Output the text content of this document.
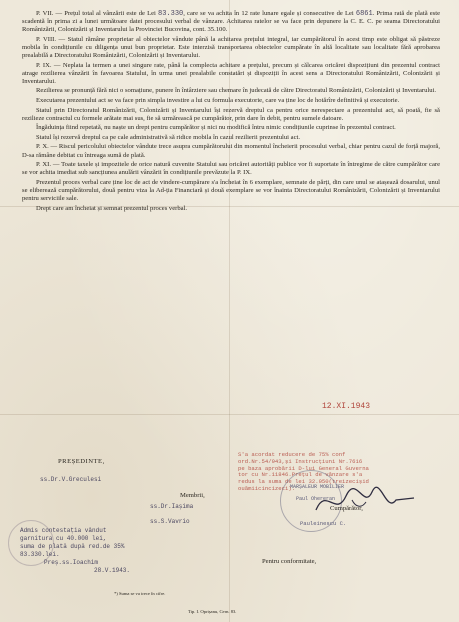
P. VII. — Prețul total al vânzării este de Lei 83.330, care se va achita în 12 rate lunare egale și consecutive de Lei 6861. Prima rată de plată este scadentă în prima zi a lunei următoare datei procesului verbal de vânzare. Achitarea ratelor se va face prin depunere la C. E. C. pe seama Directoratului Românizării, Colonizării și Inventarului la Provinciei Bucovina, cont. 35.100.

P. VIII. — Statul rămâne proprietar al obiectelor vândute până la achitarea prețului integral, iar cumpărătorul în acest timp este obligat să păstreze mobila în condițiunile cu diligența unui bun proprietar. Este interzisă transportarea obiectelor cumpărate în altă localitate sau localitate fără aprobarea prealabilă a Directoratului Românizării, Colonizării și Inventarului.

P. IX. — Neplata la termen a unei singure rate, până la complecta achitare a prețului, precum și călcarea oricărei dispozițiuni din prezentul contract atrage rezilierea vânzării în favoarea Statului, în urma unei prealabile constatări și dispoziții în acest sens a Directoratului Românizării, Colonizării și Inventarului.

Rezilierea se pronunță fără nici o somațiune, punere în întârziere sau chemare în judecată de către Directoratul Românizării, Colonizării și Inventarului.

Executarea prezentului act se va face prin simpla investire a lui cu formula executorie, care va ține loc de hotărîre definitivă și executorie.

Statul prin Directoratul Românizării, Colonizării și Inventarului își rezervă dreptul ca pentru orice nerespectare a prezentului act, să poată, fie să rezilieze contractul cu formele arătate mai sus, fie să urmărească pe cumpărător, prin dare în debit, pentru sumele datoare.

Îngăduința fiind repetată, nu naște un drept pentru cumpărător și nici nu modifică întru nimic condițiunile cuprinse în prezentul contract.

Statul își rezervă dreptul ca pe cale administrativă să ridice mobila în cazul rezilierii prezentului act.

P. X. — Riscul pericolului obiectelor vândute trece asupra cumpărătorului din momentul încheierii procesului verbal, chiar pentru cazul de forță majoră, D-sa rămâne debitat cu întreaga sumă de plată.

P. XI. — Toate taxele și impozitele de orice natură cuvenite Statului sau oricărei autorități publice vor fi suportate în întregime de către cumpărător care se vor achita imediat sub sancțiunea anulării vânzării în condițiunile prevăzute la P. IX.

Prezentul proces verbal care ține loc de act de vindere-cumpărare s'a încheiat în 6 exemplare, semnate de părți, din care unul se atașează dosarului, unul se eliberează cumpărătorului, două pentru viza la Ad-ția Financiară și două exemplare se vor înainta Directoratului Românizării, Colonizării și Inventarului pentru serviciile sale.

Drept care am încheiat și semnat prezentul proces verbal.

12.XI.1943
S'a acordat reducere de 75% conf
ord.Nr.54/943,și Instrucțiuni Nr.7616
pe baza aprobării D-lui General Guverna
tor cu Nr.11846.Prețul de vânzare s'a
redus la suma de lei 32.050(treizecișid
ouămiicincizeci).
PREȘEDINTE,
ss.Dr.V.Greculesi
Membrii,
ss.Dr.Iașima
ss.S.Vavrio
MARȘALEUR MOBILIER
Paul Ohereran
Cumpărător,
Pauleinescu C.
Pentru conformitate,
Admis contestația vândut
garnitura cu 40.000 lei,
suma de plată după red.de 35%
83.330.lei.
Preș.ss.Ioachim
28.V.1943.
*) Suma se va trece în cifre.
Tip. I. Oprișanu, Cern. 83.
